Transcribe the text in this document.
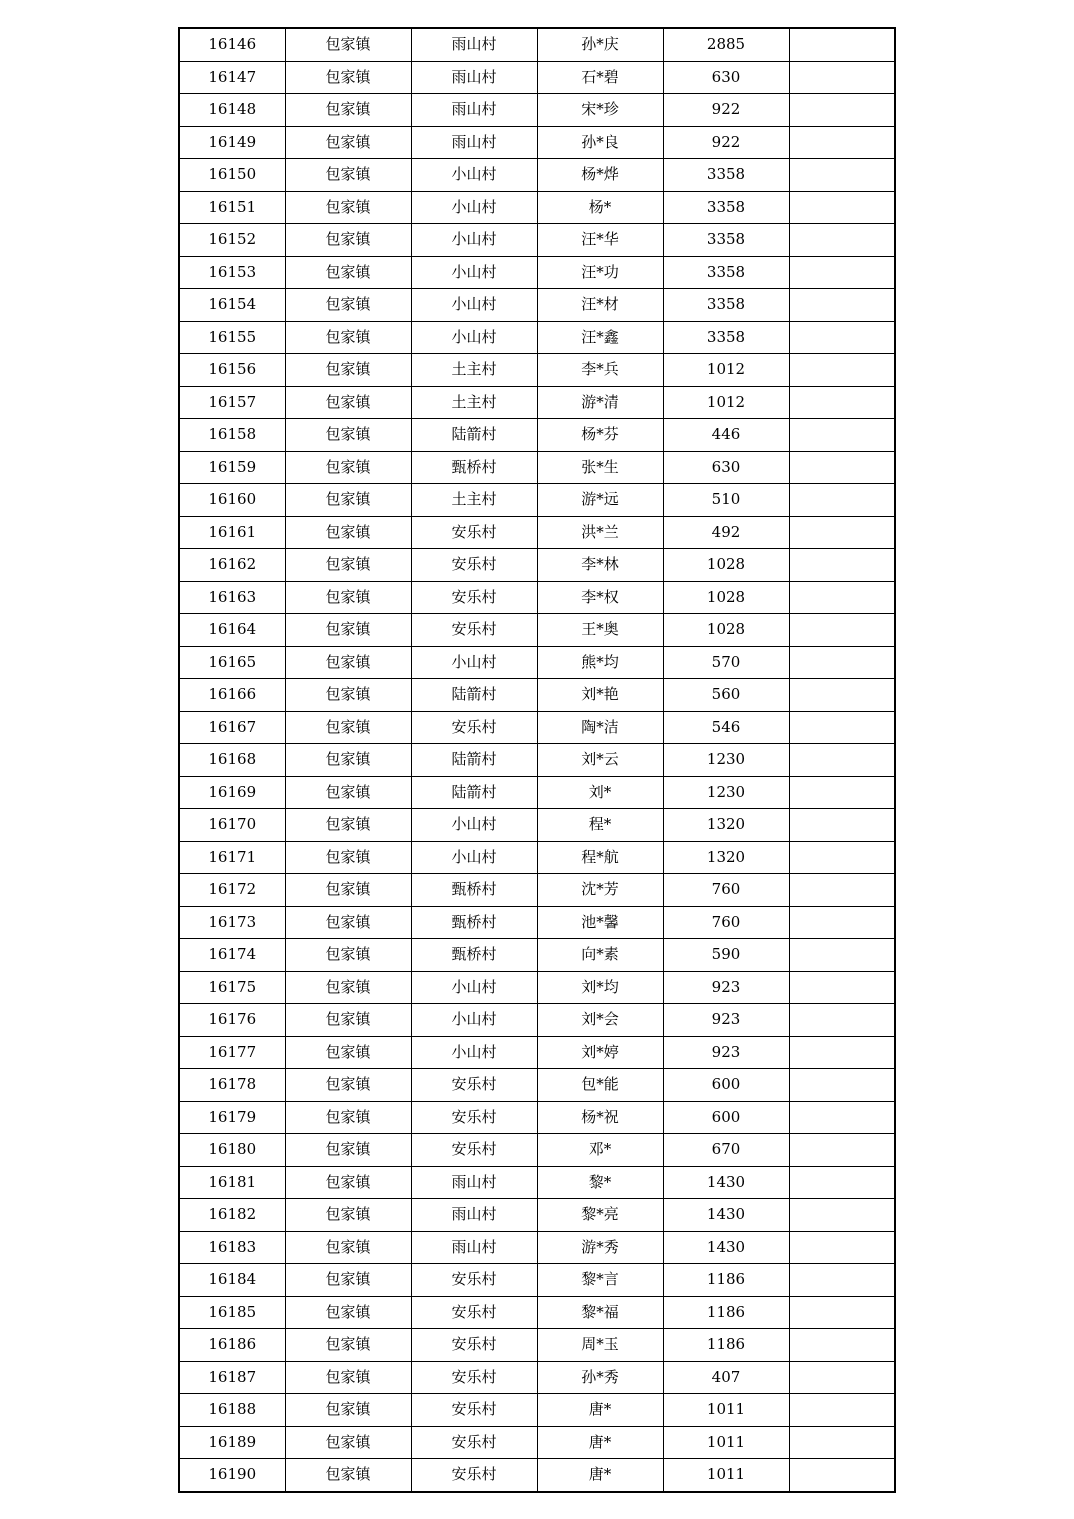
16146	包家镇	雨山村	孙*庆	2885	
16147	包家镇	雨山村	石*碧	630	
16148	包家镇	雨山村	宋*珍	922	
16149	包家镇	雨山村	孙*良	922	
16150	包家镇	小山村	杨*烨	3358	
16151	包家镇	小山村	杨*	3358	
16152	包家镇	小山村	汪*华	3358	
16153	包家镇	小山村	汪*功	3358	
16154	包家镇	小山村	汪*材	3358	
16155	包家镇	小山村	汪*鑫	3358	
16156	包家镇	土主村	李*兵	1012	
16157	包家镇	土主村	游*清	1012	
16158	包家镇	陆箭村	杨*芬	446	
16159	包家镇	甄桥村	张*生	630	
16160	包家镇	土主村	游*远	510	
16161	包家镇	安乐村	洪*兰	492	
16162	包家镇	安乐村	李*林	1028	
16163	包家镇	安乐村	李*权	1028	
16164	包家镇	安乐村	王*奥	1028	
16165	包家镇	小山村	熊*均	570	
16166	包家镇	陆箭村	刘*艳	560	
16167	包家镇	安乐村	陶*洁	546	
16168	包家镇	陆箭村	刘*云	1230	
16169	包家镇	陆箭村	刘*	1230	
16170	包家镇	小山村	程*	1320	
16171	包家镇	小山村	程*航	1320	
16172	包家镇	甄桥村	沈*芳	760	
16173	包家镇	甄桥村	池*馨	760	
16174	包家镇	甄桥村	向*素	590	
16175	包家镇	小山村	刘*均	923	
16176	包家镇	小山村	刘*会	923	
16177	包家镇	小山村	刘*婷	923	
16178	包家镇	安乐村	包*能	600	
16179	包家镇	安乐村	杨*祝	600	
16180	包家镇	安乐村	邓*	670	
16181	包家镇	雨山村	黎*	1430	
16182	包家镇	雨山村	黎*亮	1430	
16183	包家镇	雨山村	游*秀	1430	
16184	包家镇	安乐村	黎*言	1186	
16185	包家镇	安乐村	黎*福	1186	
16186	包家镇	安乐村	周*玉	1186	
16187	包家镇	安乐村	孙*秀	407	
16188	包家镇	安乐村	唐*	1011	
16189	包家镇	安乐村	唐*	1011	
16190	包家镇	安乐村	唐*	1011	
